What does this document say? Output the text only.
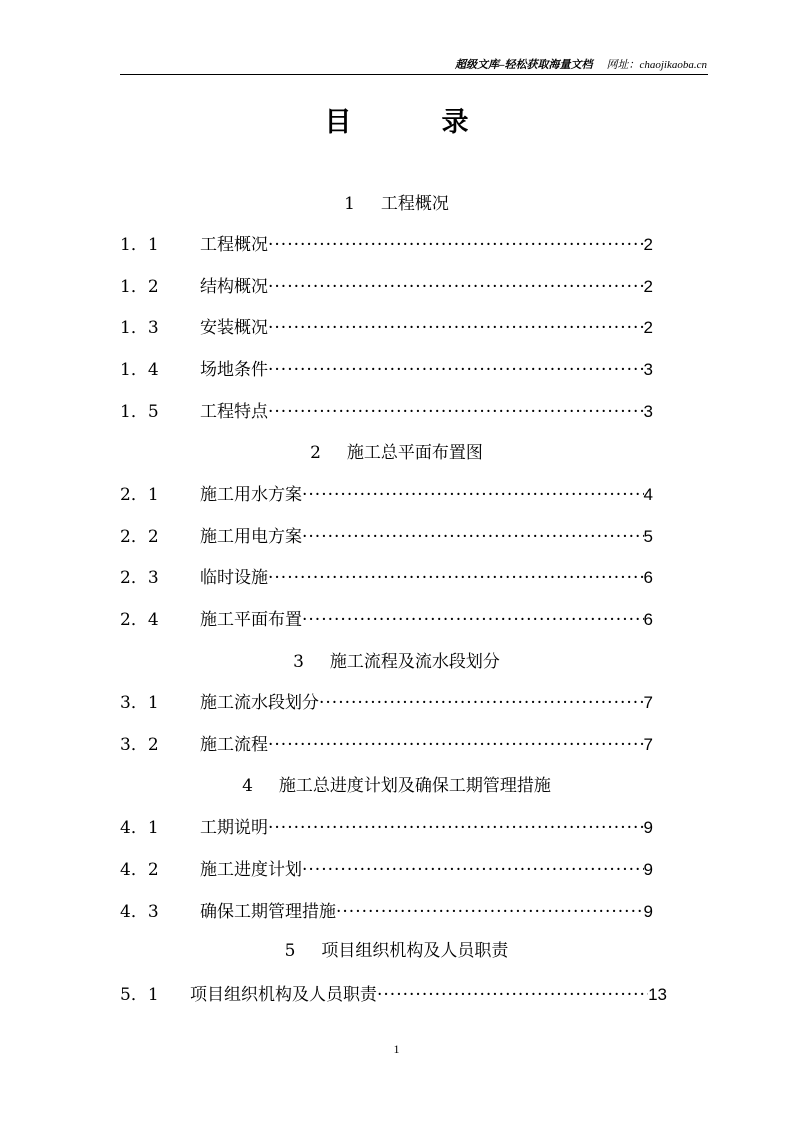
超级文库–轻松获取海量文档 网址：chaojikaoba.cn
目录
1 工程概况
1．1	工程概况 ·····	2
1．2	结构概况 ·····	2
1．3	安装概况 ·····	2
1．4	场地条件 ·····	3
1．5	工程特点 ·····	3
2 施工总平面布置图
2．1	施工用水方案 ·····	4
2．2	施工用电方案 ·····	5
2．3	临时设施 ·····	6
2．4	施工平面布置 ·····	6
3 施工流程及流水段划分
3．1	施工流水段划分 ·····	7
3．2	施工流程 ·····	7
4 施工总进度计划及确保工期管理措施
4．1	工期说明 ·····	9
4．2	施工进度计划 ·····	9
4．3	确保工期管理措施 ·····	9
5 项目组织机构及人员职责
5．1	项目组织机构及人员职责 ·····	13
1
